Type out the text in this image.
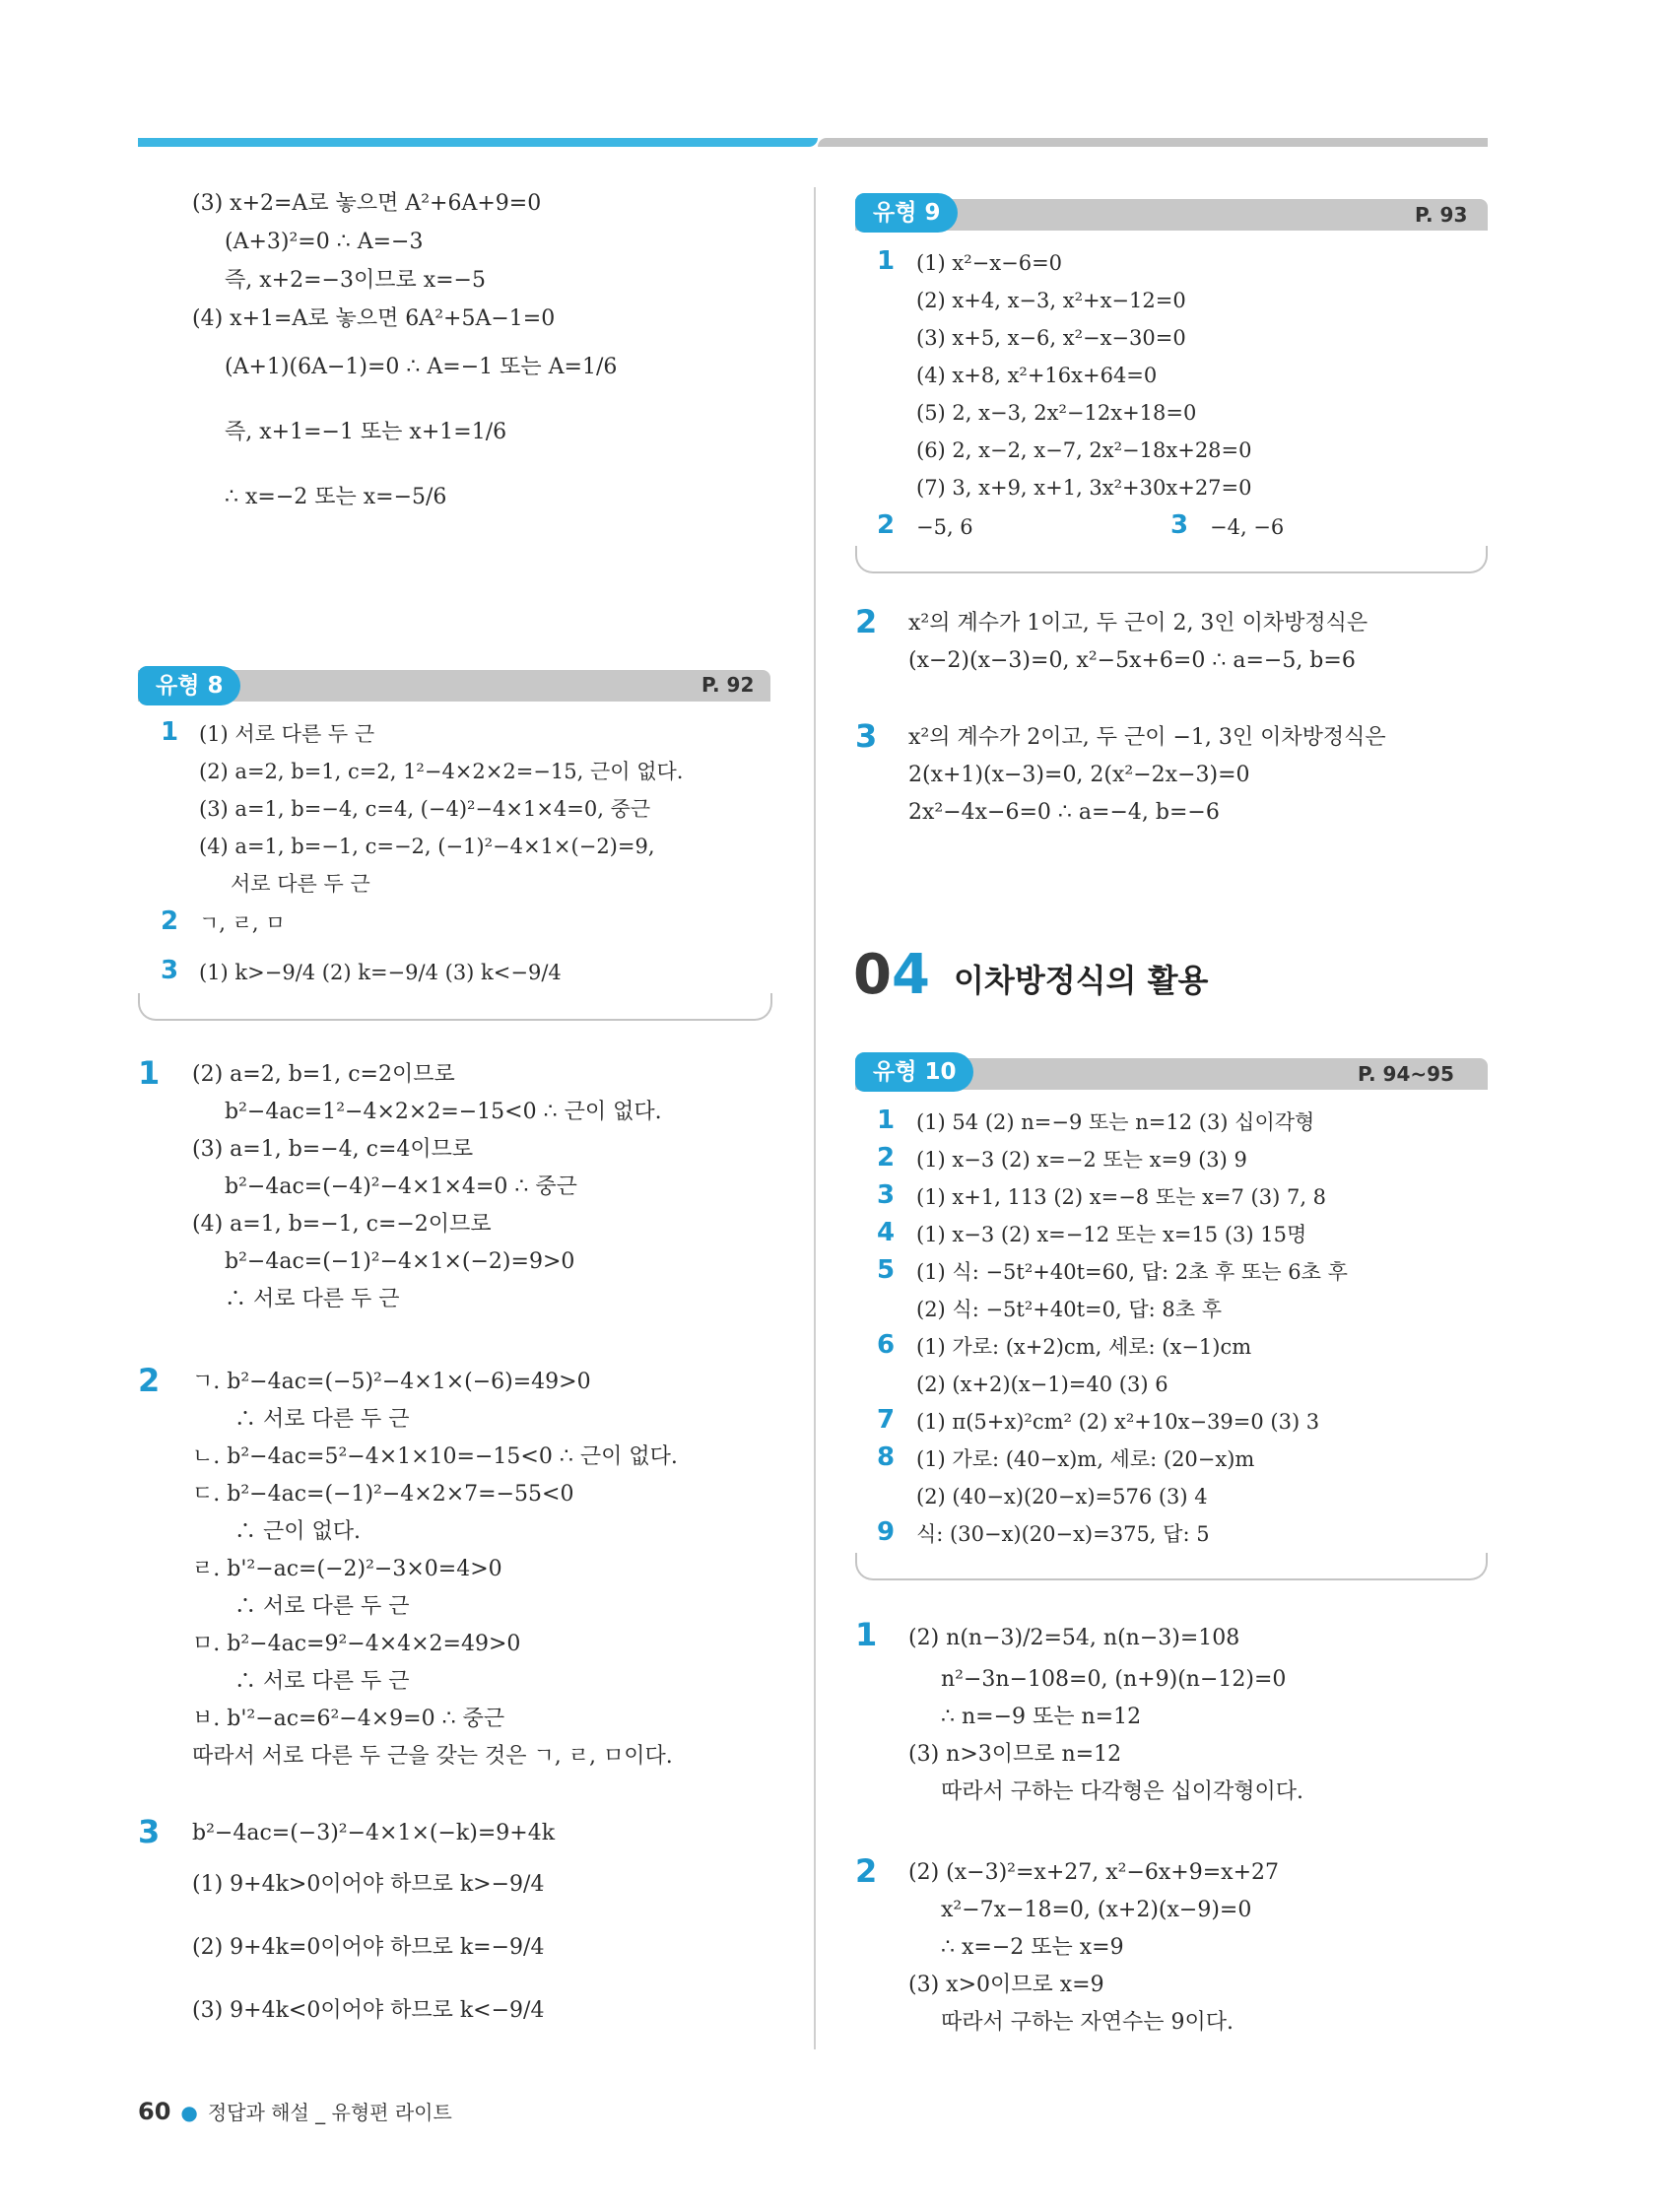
(3) x+2=A로 놓으면 A²+6A+9=0
(A+3)²=0 ∴ A=−3
즉, x+2=−3이므로 x=−5
(4) x+1=A로 놓으면 6A²+5A−1=0
(A+1)(6A−1)=0 ∴ A=−1 또는 A=1/6
즉, x+1=−1 또는 x+1=1/6
∴ x=−2 또는 x=−5/6
유형 8	P. 92
1 (1) 서로 다른 두 근
(2) a=2, b=1, c=2, 1²−4×2×2=−15, 근이 없다.
(3) a=1, b=−4, c=4, (−4)²−4×1×4=0, 중근
(4) a=1, b=−1, c=−2, (−1)²−4×1×(−2)=9,
서로 다른 두 근
2 ㄱ, ㄹ, ㅁ
3 (1) k>−9/4 (2) k=−9/4 (3) k<−9/4
1 (2) a=2, b=1, c=2이므로
b²−4ac=1²−4×2×2=−15<0 ∴ 근이 없다.
(3) a=1, b=−4, c=4이므로
b²−4ac=(−4)²−4×1×4=0 ∴ 중근
(4) a=1, b=−1, c=−2이므로
b²−4ac=(−1)²−4×1×(−2)=9>0
∴ 서로 다른 두 근
2 ㄱ. b²−4ac=(−5)²−4×1×(−6)=49>0
∴ 서로 다른 두 근
ㄴ. b²−4ac=5²−4×1×10=−15<0 ∴ 근이 없다.
ㄷ. b²−4ac=(−1)²−4×2×7=−55<0
∴ 근이 없다.
ㄹ. b'²−ac=(−2)²−3×0=4>0
∴ 서로 다른 두 근
ㅁ. b²−4ac=9²−4×4×2=49>0
∴ 서로 다른 두 근
ㅂ. b'²−ac=6²−4×9=0 ∴ 중근
따라서 서로 다른 두 근을 갖는 것은 ㄱ, ㄹ, ㅁ이다.
3 b²−4ac=(−3)²−4×1×(−k)=9+4k
(1) 9+4k>0이어야 하므로 k>−9/4
(2) 9+4k=0이어야 하므로 k=−9/4
(3) 9+4k<0이어야 하므로 k<−9/4
유형 9	P. 93
1 (1) x²−x−6=0
(2) x+4, x−3, x²+x−12=0
(3) x+5, x−6, x²−x−30=0
(4) x+8, x²+16x+64=0
(5) 2, x−3, 2x²−12x+18=0
(6) 2, x−2, x−7, 2x²−18x+28=0
(7) 3, x+9, x+1, 3x²+30x+27=0
2 −5, 6	3 −4, −6
2 x²의 계수가 1이고, 두 근이 2, 3인 이차방정식은
(x−2)(x−3)=0, x²−5x+6=0 ∴ a=−5, b=6
3 x²의 계수가 2이고, 두 근이 −1, 3인 이차방정식은
2(x+1)(x−3)=0, 2(x²−2x−3)=0
2x²−4x−6=0 ∴ a=−4, b=−6
04 이차방정식의 활용
유형 10	P. 94~95
1 (1) 54 (2) n=−9 또는 n=12 (3) 십이각형
2 (1) x−3 (2) x=−2 또는 x=9 (3) 9
3 (1) x+1, 113 (2) x=−8 또는 x=7 (3) 7, 8
4 (1) x−3 (2) x=−12 또는 x=15 (3) 15명
5 (1) 식: −5t²+40t=60, 답: 2초 후 또는 6초 후
(2) 식: −5t²+40t=0, 답: 8초 후
6 (1) 가로: (x+2)cm, 세로: (x−1)cm
(2) (x+2)(x−1)=40 (3) 6
7 (1) π(5+x)²cm² (2) x²+10x−39=0 (3) 3
8 (1) 가로: (40−x)m, 세로: (20−x)m
(2) (40−x)(20−x)=576 (3) 4
9 식: (30−x)(20−x)=375, 답: 5
1 (2) n(n−3)/2=54, n(n−3)=108
n²−3n−108=0, (n+9)(n−12)=0
∴ n=−9 또는 n=12
(3) n>3이므로 n=12
따라서 구하는 다각형은 십이각형이다.
2 (2) (x−3)²=x+27, x²−6x+9=x+27
x²−7x−18=0, (x+2)(x−9)=0
∴ x=−2 또는 x=9
(3) x>0이므로 x=9
따라서 구하는 자연수는 9이다.
60 ● 정답과 해설 _ 유형편 라이트
